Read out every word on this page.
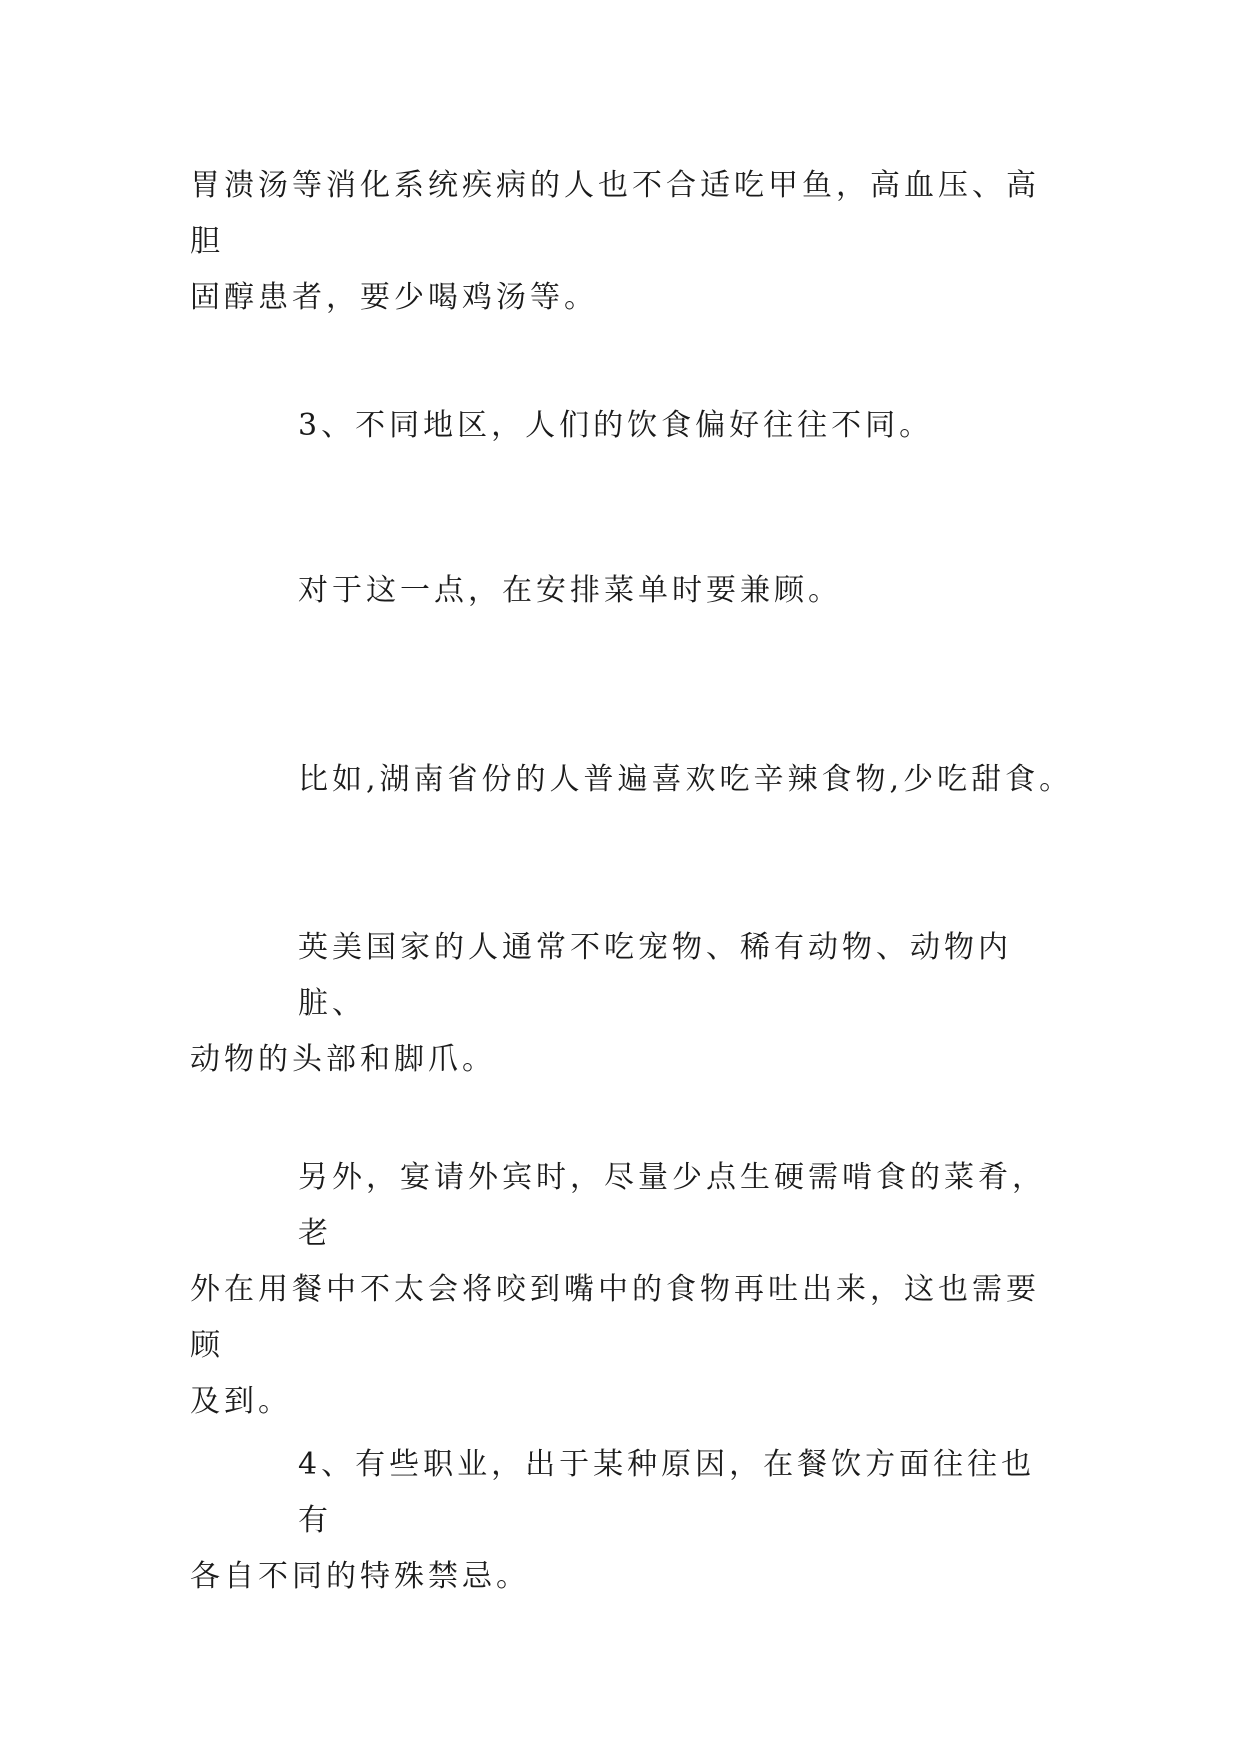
胃溃汤等消化系统疾病的人也不合适吃甲鱼，高血压、高胆
固醇患者，要少喝鸡汤等。
3、不同地区，人们的饮食偏好往往不同。
对于这一点，在安排菜单时要兼顾。
比如,湖南省份的人普遍喜欢吃辛辣食物,少吃甜食。
英美国家的人通常不吃宠物、稀有动物、动物内脏、
动物的头部和脚爪。
另外，宴请外宾时，尽量少点生硬需啃食的菜肴，老
外在用餐中不太会将咬到嘴中的食物再吐出来，这也需要顾
及到。
4、有些职业，出于某种原因，在餐饮方面往往也有
各自不同的特殊禁忌。
